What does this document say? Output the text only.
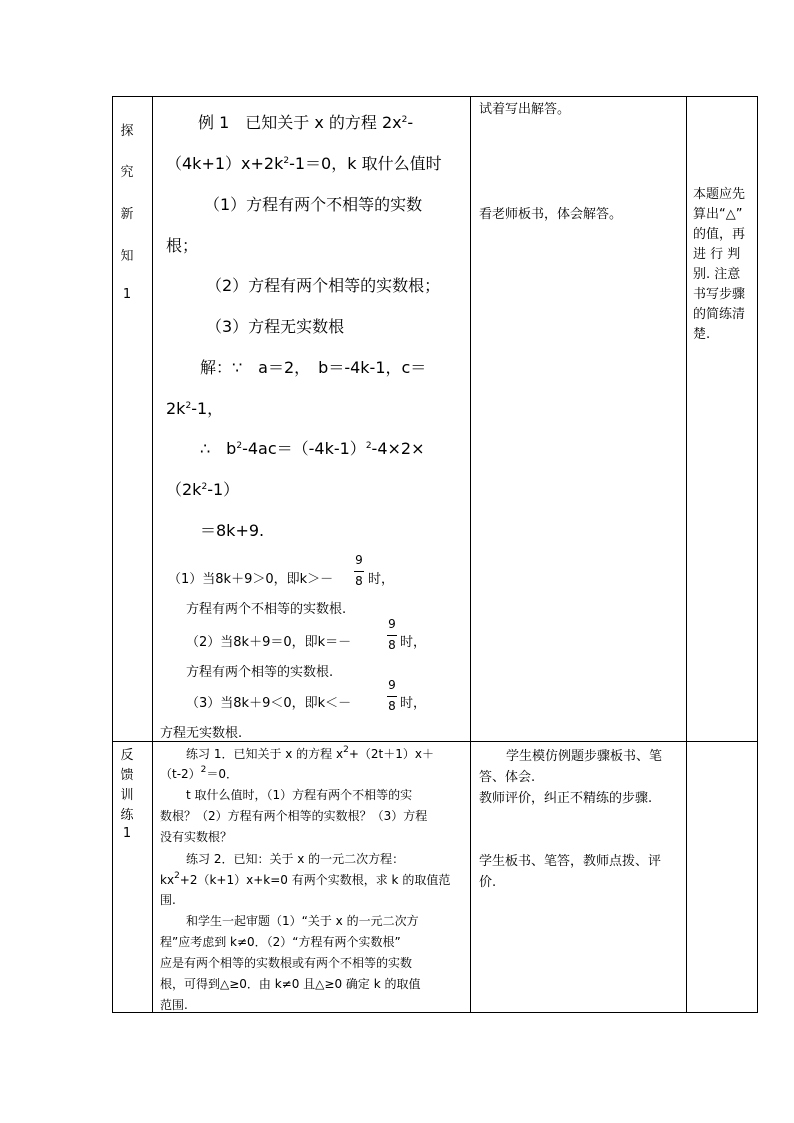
探
究
新
知
1
例 1　已知关于 x 的方程 $2x^2-$
$(4k+1)x+2k^2-1=0$，k 取什么值时
（1）方程有两个不相等的实数
根；
（2）方程有两个相等的实数根；
（3）方程无实数根
解：∵　a＝2，　b＝-4k-1，c＝
$2k^2-1$，
∴　$b^2-4ac=(-4k-1)^2-4\times 2\times$
$(2k^2-1)$
＝8k+9.
（1）当8k＋9＞0，即k＞－
9
8 时，
方程有两个不相等的实数根.
（2）当8k＋9＝0，即k＝－
9
8 时，
方程有两个相等的实数根.
（3）当8k＋9＜0，即k＜－
9
8 时，
方程无实数根.
试着写出解答。
看老师板书，体会解答。
本题应先
算出“△”
的值，再
进 行 判
别. 注意
书写步骤
的简练清
楚.
反
馈
训
练
1
练习 1．已知关于 x 的方程 $x^2+(2t+1)x+$
$(t-2)^2=0$．
t 取什么值时，（1）方程有两个不相等的实
数根？（2）方程有两个相等的实数根？（3）方程
没有实数根？
练习 2．已知：关于 x 的一元二次方程：
$kx^2+2(k+1)x+k=0$ 有两个实数根，求 k 的取值范
围.
和学生一起审题（1）“关于 x 的一元二次方
程”应考虑到 k≠0．（2）“方程有两个实数根”
应是有两个相等的实数根或有两个不相等的实数
根，可得到△≥0．由 k≠0 且△≥0 确定 k 的取值
范围.
学生模仿例题步骤板书、笔
答、体会.
教师评价，纠正不精练的步骤.
学生板书、笔答，教师点拨、评
价.
